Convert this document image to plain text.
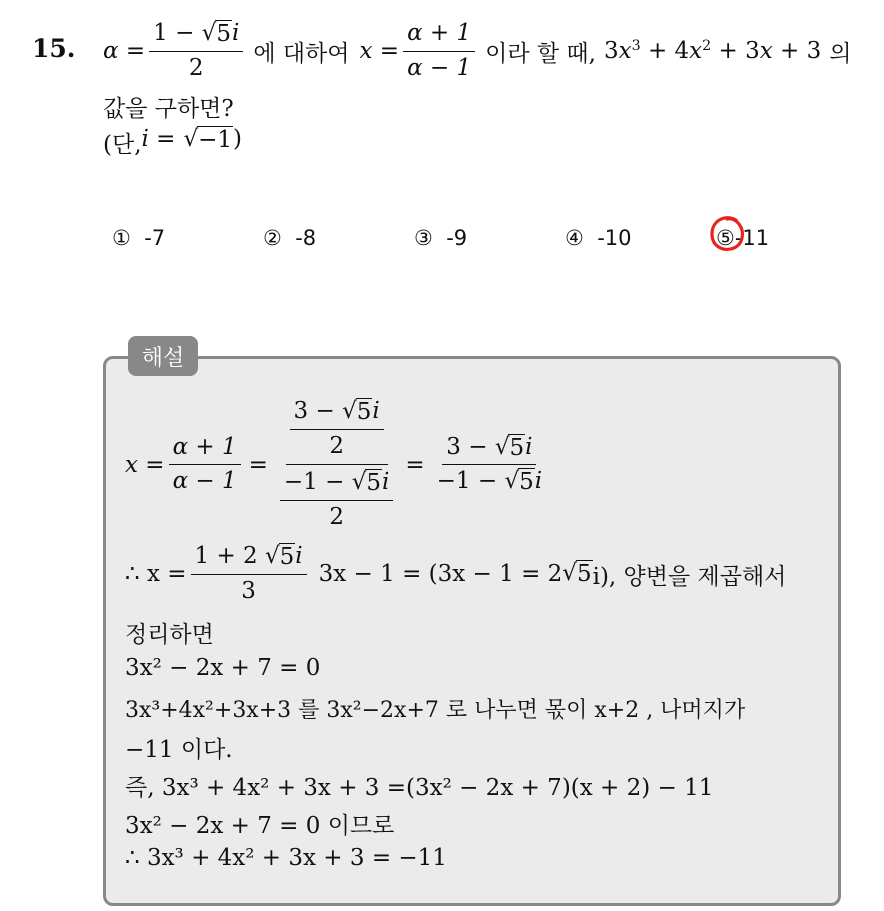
15. $\alpha = \frac{1 - √ 5 i}{2}$ 에 대하여 $x = \frac{\alpha + 1}{\alpha - 1}$ 이라 할 때, $3x^3 + 4x^2 + 3x + 3$ 의
값을 구하면?
(단, i = √ −1 )
① -7	② -8	③ -9	④ -10	⑤-11
해설
$x = \frac{\alpha + 1}{\alpha - 1} = \frac{\frac{3 - √ 5 i}{2}}{\frac{-1 - √ 5 i}{2}} = \frac{3 - √ 5 i}{-1 - √ 5 i}$
∴ $x = \frac{1 + 2 √ 5 i}{3} 3x - 1 = (3x - 1 = 2$ √ 5 i), 양변을 제곱해서
정리하면
3x² − 2x + 7 = 0
3x³+4x²+3x+3 를 3x²−2x+7 로 나누면 몫이 x+2 , 나머지가
−11 이다.
즉, 3x³ + 4x² + 3x + 3 =(3x² − 2x + 7)(x + 2) − 11
3x² − 2x + 7 = 0 이므로
∴ 3x³ + 4x² + 3x + 3 = −11
